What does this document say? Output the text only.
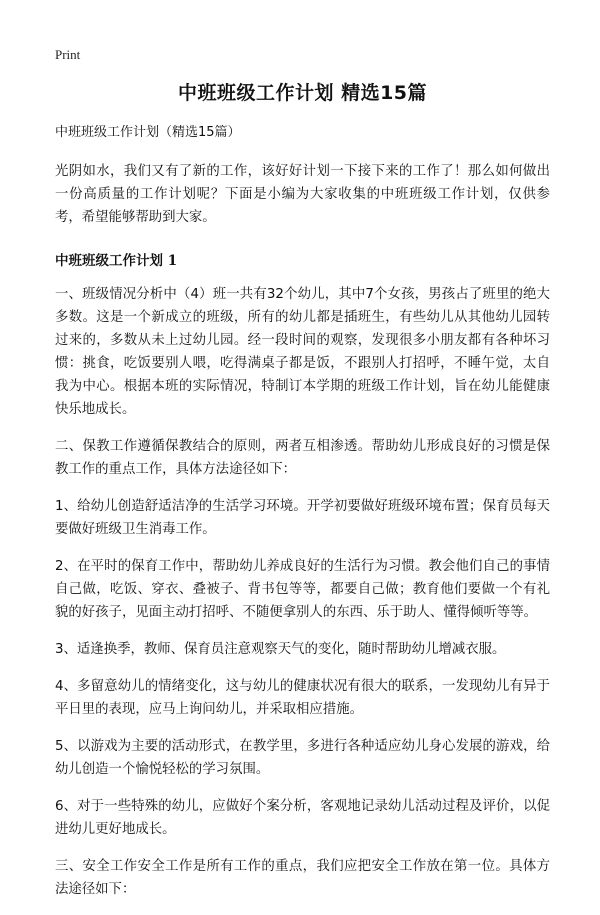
Print
中班班级工作计划 精选15篇
中班班级工作计划（精选15篇）
光阴如水，我们又有了新的工作，该好好计划一下接下来的工作了！那么如何做出一份高质量的工作计划呢？下面是小编为大家收集的中班班级工作计划，仅供参考，希望能够帮助到大家。
中班班级工作计划 1
一、班级情况分析中（4）班一共有32个幼儿，其中7个女孩，男孩占了班里的绝大多数。这是一个新成立的班级，所有的幼儿都是插班生，有些幼儿从其他幼儿园转过来的，多数从未上过幼儿园。经一段时间的观察，发现很多小朋友都有各种坏习惯：挑食，吃饭要别人喂，吃得满桌子都是饭，不跟别人打招呼，不睡午觉，太自我为中心。根据本班的实际情况，特制订本学期的班级工作计划，旨在幼儿能健康快乐地成长。
二、保教工作遵循保教结合的原则，两者互相渗透。帮助幼儿形成良好的习惯是保教工作的重点工作，具体方法途径如下：
1、给幼儿创造舒适洁净的生活学习环境。开学初要做好班级环境布置；保育员每天要做好班级卫生消毒工作。
2、在平时的保育工作中，帮助幼儿养成良好的生活行为习惯。教会他们自己的事情自己做，吃饭、穿衣、叠被子、背书包等等，都要自己做；教育他们要做一个有礼貌的好孩子，见面主动打招呼、不随便拿别人的东西、乐于助人、懂得倾听等等。
3、适逢换季，教师、保育员注意观察天气的变化，随时帮助幼儿增减衣服。
4、多留意幼儿的情绪变化，这与幼儿的健康状况有很大的联系，一发现幼儿有异于平日里的表现，应马上询问幼儿，并采取相应措施。
5、以游戏为主要的活动形式，在教学里，多进行各种适应幼儿身心发展的游戏，给幼儿创造一个愉悦轻松的学习氛围。
6、对于一些特殊的幼儿，应做好个案分析，客观地记录幼儿活动过程及评价，以促进幼儿更好地成长。
三、安全工作安全工作是所有工作的重点，我们应把安全工作放在第一位。具体方法途径如下：
